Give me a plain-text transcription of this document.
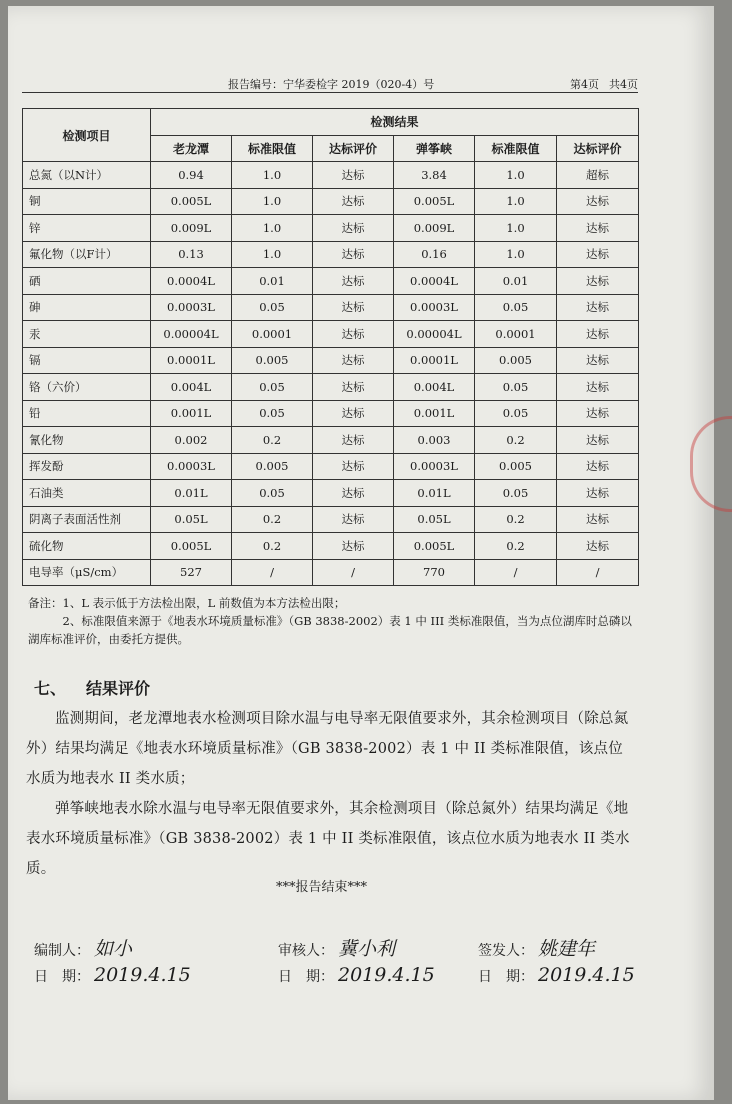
报告编号：宁华委检字 2019（020-4）号	第4页 共4页
检测项目	检测结果					
	老龙潭	标准限值	达标评价	弹筝峡	标准限值	达标评价
总氮（以N计）	0.94	1.0	达标	3.84	1.0	超标
铜	0.005L	1.0	达标	0.005L	1.0	达标
锌	0.009L	1.0	达标	0.009L	1.0	达标
氟化物（以F计）	0.13	1.0	达标	0.16	1.0	达标
硒	0.0004L	0.01	达标	0.0004L	0.01	达标
砷	0.0003L	0.05	达标	0.0003L	0.05	达标
汞	0.00004L	0.0001	达标	0.00004L	0.0001	达标
镉	0.0001L	0.005	达标	0.0001L	0.005	达标
铬（六价）	0.004L	0.05	达标	0.004L	0.05	达标
铅	0.001L	0.05	达标	0.001L	0.05	达标
氰化物	0.002	0.2	达标	0.003	0.2	达标
挥发酚	0.0003L	0.005	达标	0.0003L	0.005	达标
石油类	0.01L	0.05	达标	0.01L	0.05	达标
阴离子表面活性剂	0.05L	0.2	达标	0.05L	0.2	达标
硫化物	0.005L	0.2	达标	0.005L	0.2	达标
电导率（μS/cm）	527	/	/	770	/	/
备注：1、L 表示低于方法检出限，L 前数值为本方法检出限；
2、标准限值来源于《地表水环境质量标准》（GB 3838-2002）表 1 中 III 类标准限值，当为点位湖库时总磷以湖库标准评价，由委托方提供。
七、 结果评价
监测期间，老龙潭地表水检测项目除水温与电导率无限值要求外，其余检测项目（除总氮外）结果均满足《地表水环境质量标准》（GB 3838-2002）表 1 中 II 类标准限值，该点位水质为地表水 II 类水质；
弹筝峡地表水除水温与电导率无限值要求外，其余检测项目（除总氮外）结果均满足《地表水环境质量标准》（GB 3838-2002）表 1 中 II 类标准限值，该点位水质为地表水 II 类水质。
***报告结束***
编制人： 如小
日　期： 2019.4.15
审核人： 冀小利
日　期： 2019.4.15
签发人： 姚建年
日　期： 2019.4.15
